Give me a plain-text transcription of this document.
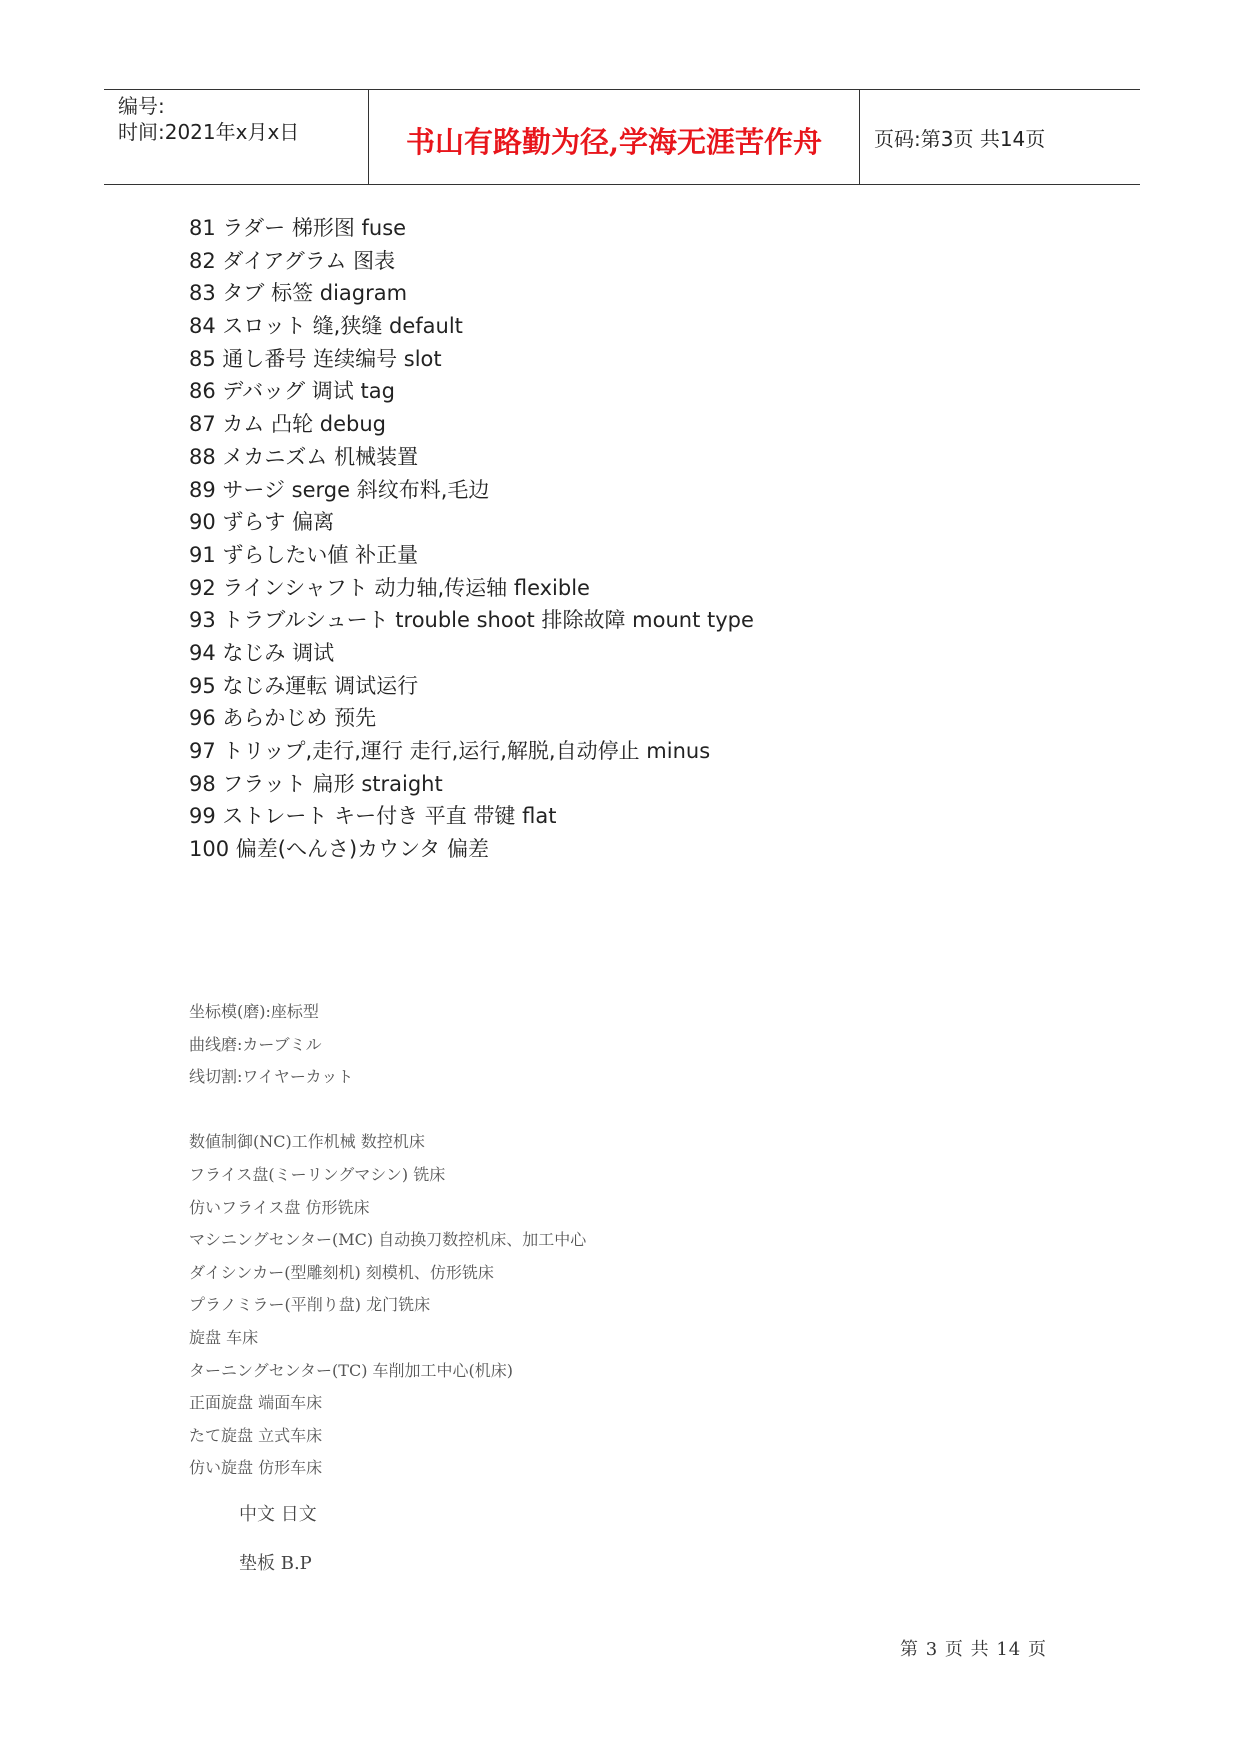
编号:
时间:2021年x月x日	书山有路勤为径,学海无涯苦作舟	页码:第3页 共14页
81 ラダー 梯形图 fuse
82 ダイアグラム 图表
83 タブ 标签 diagram
84 スロット 缝,狭缝 default
85 通し番号 连续编号 slot
86 デバッグ 调试 tag
87 カム 凸轮 debug
88 メカニズム 机械装置
89 サージ serge 斜纹布料,毛边
90 ずらす 偏离
91 ずらしたい値 补正量
92 ラインシャフト 动力轴,传运轴 flexible
93 トラブルシュート trouble shoot 排除故障 mount type
94 なじみ 调试
95 なじみ運転 调试运行
96 あらかじめ 预先
97 トリップ,走行,運行 走行,运行,解脱,自动停止 minus
98 フラット 扁形 straight
99 ストレート キー付き 平直 带键 flat
100 偏差(へんさ)カウンタ 偏差
坐标模(磨):座标型
曲线磨:カーブミル
线切割:ワイヤーカット
数値制御(NC)工作机械 数控机床
フライス盘(ミーリングマシン) 铣床
仿いフライス盘 仿形铣床
マシニングセンター(MC) 自动换刀数控机床、加工中心
ダイシンカー(型雕刻机) 刻模机、仿形铣床
プラノミラー(平削り盘) 龙门铣床
旋盘 车床
ターニングセンター(TC) 车削加工中心(机床)
正面旋盘 端面车床
たて旋盘 立式车床
仿い旋盘 仿形车床
中文 日文
垫板 B.P
第 3 页 共 14 页
